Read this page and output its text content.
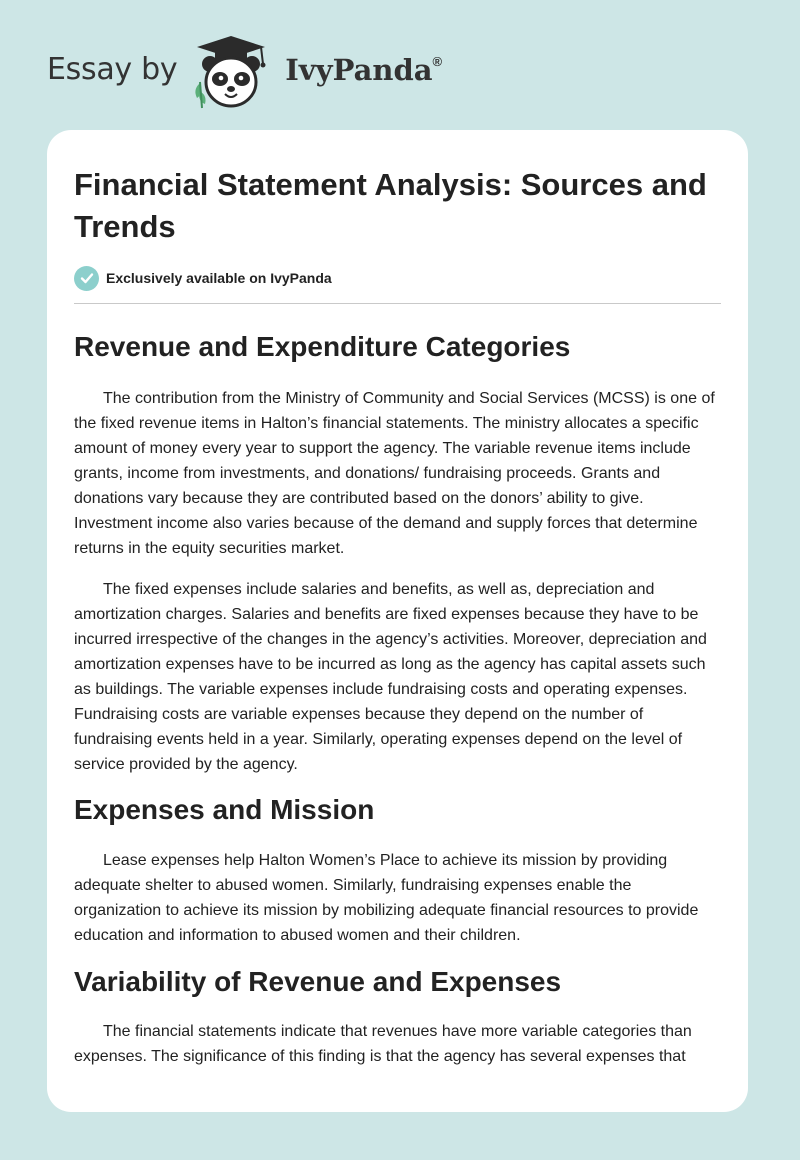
Essay by	IvyPanda®
Financial Statement Analysis: Sources and Trends
Exclusively available on IvyPanda
Revenue and Expenditure Categories

The contribution from the Ministry of Community and Social Services (MCSS) is one of the fixed revenue items in Halton’s financial statements. The ministry allocates a specific amount of money every year to support the agency. The variable revenue items include grants, income from investments, and donations/ fundraising proceeds. Grants and donations vary because they are contributed based on the donors’ ability to give. Investment income also varies because of the demand and supply forces that determine returns in the equity securities market.

The fixed expenses include salaries and benefits, as well as, depreciation and amortization charges. Salaries and benefits are fixed expenses because they have to be incurred irrespective of the changes in the agency’s activities. Moreover, depreciation and amortization expenses have to be incurred as long as the agency has capital assets such as buildings. The variable expenses include fundraising costs and operating expenses. Fundraising costs are variable expenses because they depend on the number of fundraising events held in a year. Similarly, operating expenses depend on the level of service provided by the agency.

Expenses and Mission

Lease expenses help Halton Women’s Place to achieve its mission by providing adequate shelter to abused women. Similarly, fundraising expenses enable the organization to achieve its mission by mobilizing adequate financial resources to provide education and information to abused women and their children.

Variability of Revenue and Expenses

The financial statements indicate that revenues have more variable categories than expenses. The significance of this finding is that the agency has several expenses that
